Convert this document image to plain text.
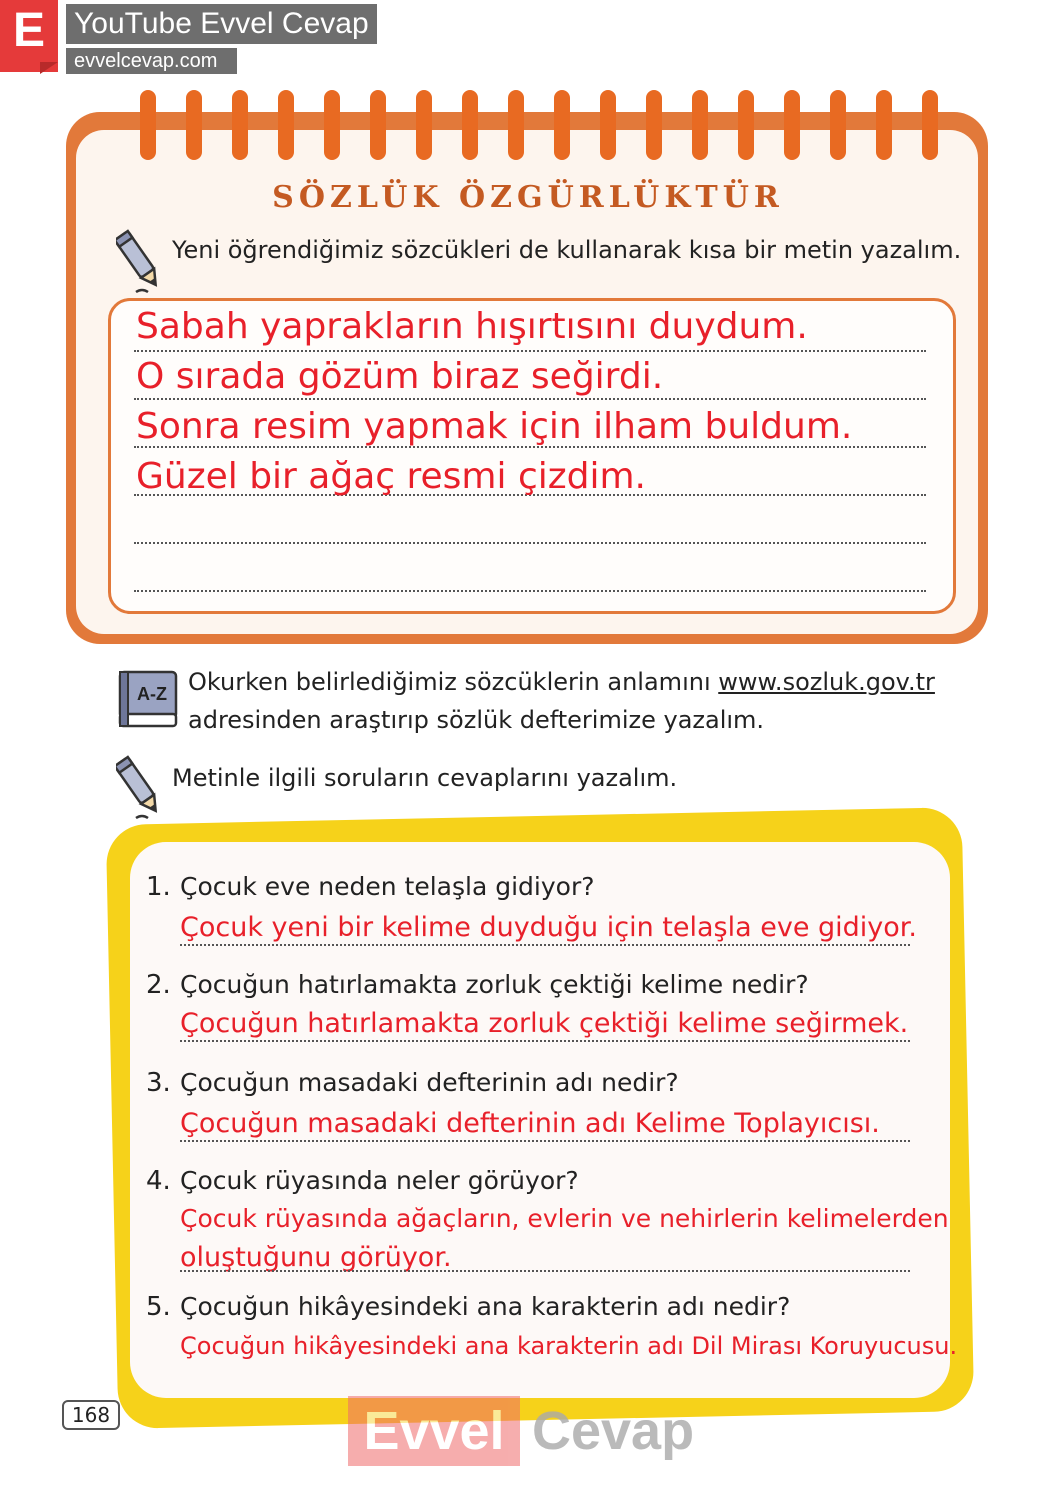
E YouTube Evvel Cevap
evvelcevap.com
SÖZLÜK ÖZGÜRLÜKTÜR
Yeni öğrendiğimiz sözcükleri de kullanarak kısa bir metin yazalım.
Sabah yaprakların hışırtısını duydum.
O sırada gözüm biraz seğirdi.
Sonra resim yapmak için ilham buldum.
Güzel bir ağaç resmi çizdim.
A-Z Okurken belirlediğimiz sözcüklerin anlamını www.sozluk.gov.tr
adresinden araştırıp sözlük defterimize yazalım.
Metinle ilgili soruların cevaplarını yazalım.
1. Çocuk eve neden telaşla gidiyor?
Çocuk yeni bir kelime duyduğu için telaşla eve gidiyor.
2. Çocuğun hatırlamakta zorluk çektiği kelime nedir?
Çocuğun hatırlamakta zorluk çektiği kelime seğirmek.
3. Çocuğun masadaki defterinin adı nedir?
Çocuğun masadaki defterinin adı Kelime Toplayıcısı.
4. Çocuk rüyasında neler görüyor?
Çocuk rüyasında ağaçların, evlerin ve nehirlerin kelimelerden
oluştuğunu görüyor.
5. Çocuğun hikâyesindeki ana karakterin adı nedir?
Çocuğun hikâyesindeki ana karakterin adı Dil Mirası Koruyucusu.
168	Evvel Cevap
